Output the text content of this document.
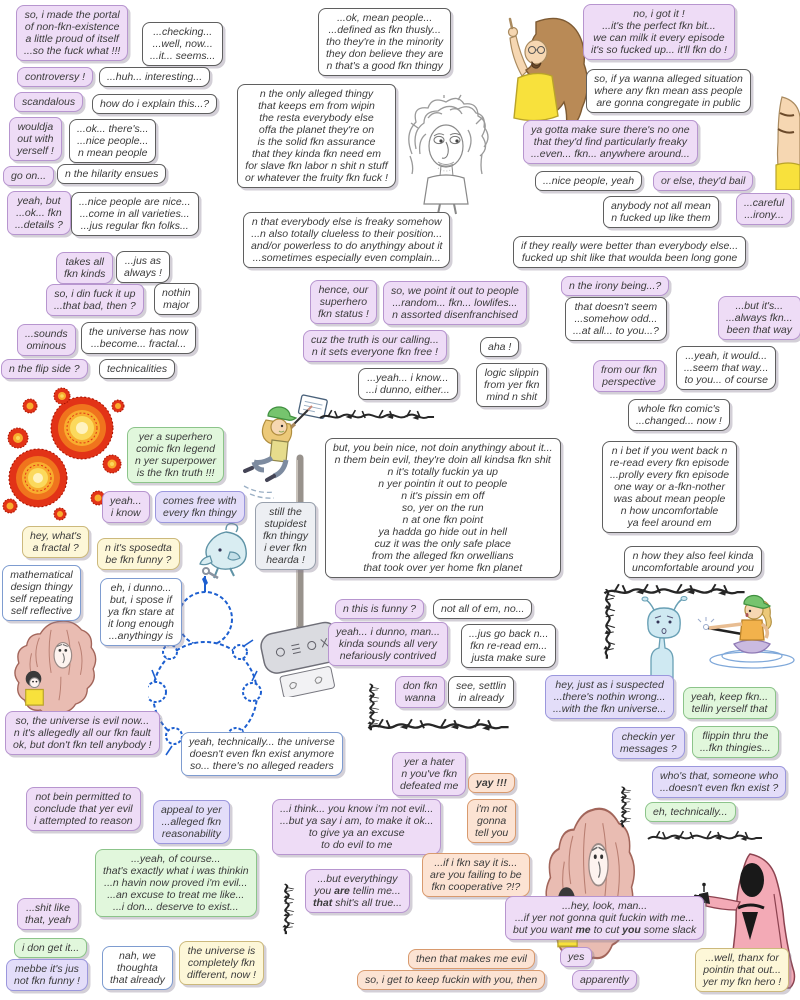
so, i made the portal
of non-fkn-existence
a little proud of itself
...so the fuck what !!!
...checking...
...well, now...
...it... seems...
controversy ! ...huh... interesting...
scandalous how do i explain this...?
wouldja
out with
yerself !
...ok... there's...
...nice people...
n mean people
go on... n the hilarity ensues
yeah, but
...ok... fkn
...details ?
...nice people are nice...
...come in all varieties...
...jus regular fkn folks...
takes all
fkn kinds
...jus as
always !
so, i din fuck it up
...that bad, then ?
nothin
major
...sounds
ominous
the universe has now
...become... fractal...
n the flip side ?	technicalities
...ok, mean people...
...defined as fkn thusly...
tho they're in the minority
they don believe they are
n that's a good fkn thingy
n the only alleged thingy
that keeps em from wipin
the resta everybody else
offa the planet they're on
is the solid fkn assurance
that they kinda fkn need em
for slave fkn labor n shit n stuff
or whatever the fruity fkn fuck !
n that everybody else is freaky somehow
...n also totally clueless to their position...
and/or powerless to do anythingy about it
...sometimes especially even complain...
hence, our
superhero
fkn status !
so, we point it out to people
...random... fkn... lowlifes...
n assorted disenfranchised
cuz the truth is our calling...
n it sets everyone fkn free !
...yeah... i know...
...i dunno, either...
aha !
logic slippin
from yer fkn
mind n shit
no, i got it !
...it's the perfect fkn bit...
we can milk it every episode
it's so fucked up... it'll fkn do !
so, if ya wanna alleged situation
where any fkn mean ass people
are gonna congregate in public
ya gotta make sure there's no one
that they'd find particularly freaky
...even... fkn... anywhere around...
...nice people, yeah	or else, they'd bail
anybody not all mean
n fucked up like them
...careful
...irony...
if they really were better than everybody else...
fucked up shit like that woulda been long gone
n the irony being...?
that doesn't seem
...somehow odd...
...at all... to you...?
...but it's...
...always fkn...
been that way
...yeah, it would...
...seem that way...
to you... of course
from our fkn
perspective
whole fkn comic's
...changed... now !
n i bet if you went back n
re-read every fkn episode
...prolly every fkn episode
one way or a-fkn-nother
was about mean people
n how uncomfortable
ya feel around em
n how they also feel kinda
uncomfortable around you
but, you bein nice, not doin anythingy about it...
n them bein evil, they're doin all kindsa fkn shit
n it's totally fuckin ya up
n yer pointin it out to people
n it's pissin em off
so, yer on the run
n at one fkn point
ya hadda go hide out in hell
cuz it was the only safe place
from the alleged fkn orwellians
that took over yer home fkn planet
n this is funny ? not all of em, no...
yeah... i dunno, man...
kinda sounds all very
nefariously contrived
...jus go back n...
fkn re-read em...
justa make sure
don fkn
wanna
see, settlin
in already
yer a superhero
comic fkn legend
n yer superpower
is the fkn truth !!!
yeah...
i know
comes free with
every fkn thingy
hey, what's
a fractal ? n it's sposedta
be fkn funny ?
mathematical
design thingy
self repeating
self reflective
eh, i dunno...
but, i spose if
ya fkn stare at
it long enough
...anythingy is
still the
stupidest
fkn thingy
i ever fkn
hearda !
hey, just as i suspected
...there's nothin wrong...
...with the fkn universe...
yeah, keep fkn...
tellin yerself that
checkin yer
messages ?
flippin thru the
...fkn thingies...
who's that, someone who
...doesn't even fkn exist ?
eh, technically...
so, the universe is evil now...
n it's allegedly all our fkn fault
ok, but don't fkn tell anybody !	yeah, technically... the universe
doesn't even fkn exist anymore
so... there's no alleged readers
not bein permitted to
conclude that yer evil
i attempted to reason
appeal to yer
...alleged fkn
reasonability
...yeah, of course...
that's exactly what i was thinkin
...n havin now proved i'm evil...
...an excuse to treat me like...
...i don... deserve to exist...
...shit like
that, yeah
i don get it...
mebbe it's jus
not fkn funny !
nah, we
thoughta
that already
the universe is
completely fkn
different, now !
yer a hater
n you've fkn
defeated me yay !!!
...i think... you know i'm not evil...
...but ya say i am, to make it ok...
to give ya an excuse
to do evil to me
i'm not
gonna
tell you
...but everythingy
you are tellin me...
that shit's all true...
...if i fkn say it is...
are you failing to be
fkn cooperative ?!?
...hey, look, man...
...if yer not gonna quit fuckin with me...
but you want me to cut you some slack
then that makes me evil	yes
so, i get to keep fuckin with you, then	apparently
...well, thanx for
pointin that out...
yer my fkn hero !
